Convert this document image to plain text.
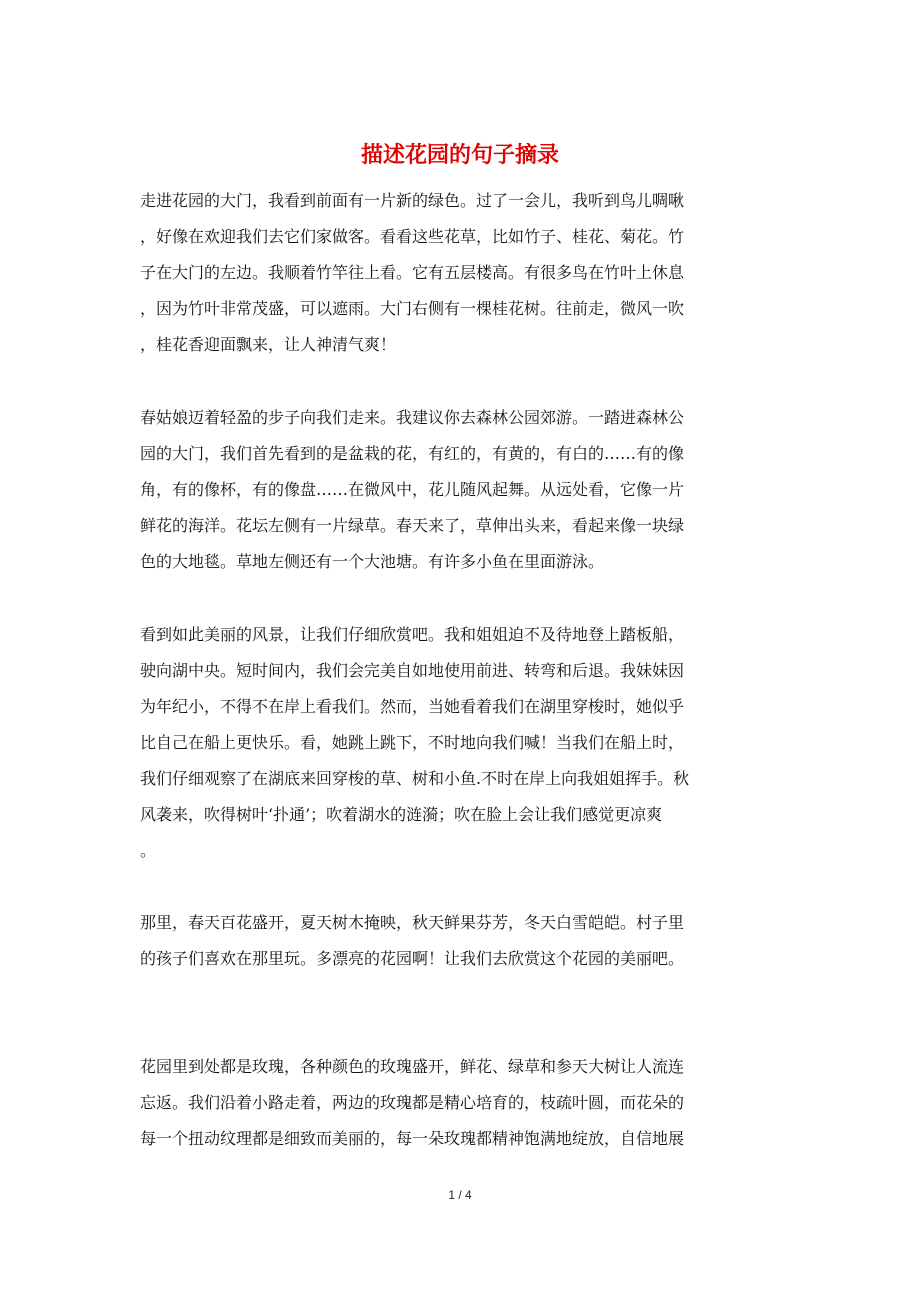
描述花园的句子摘录
走进花园的大门，我看到前面有一片新的绿色。过了一会儿，我听到鸟儿啁啾
，好像在欢迎我们去它们家做客。看看这些花草，比如竹子、桂花、菊花。竹
子在大门的左边。我顺着竹竿往上看。它有五层楼高。有很多鸟在竹叶上休息
，因为竹叶非常茂盛，可以遮雨。大门右侧有一棵桂花树。往前走，微风一吹
，桂花香迎面飘来，让人神清气爽！
春姑娘迈着轻盈的步子向我们走来。我建议你去森林公园郊游。一踏进森林公
园的大门，我们首先看到的是盆栽的花，有红的，有黄的，有白的……有的像
角，有的像杯，有的像盘……在微风中，花儿随风起舞。从远处看，它像一片
鲜花的海洋。花坛左侧有一片绿草。春天来了，草伸出头来，看起来像一块绿
色的大地毯。草地左侧还有一个大池塘。有许多小鱼在里面游泳。
看到如此美丽的风景，让我们仔细欣赏吧。我和姐姐迫不及待地登上踏板船，
驶向湖中央。短时间内，我们会完美自如地使用前进、转弯和后退。我妹妹因
为年纪小，不得不在岸上看我们。然而，当她看着我们在湖里穿梭时，她似乎
比自己在船上更快乐。看，她跳上跳下，不时地向我们喊！当我们在船上时，
我们仔细观察了在湖底来回穿梭的草、树和小鱼.不时在岸上向我姐姐挥手。秋
风袭来，吹得树叶‘扑通’；吹着湖水的涟漪；吹在脸上会让我们感觉更凉爽
。
那里，春天百花盛开，夏天树木掩映，秋天鲜果芬芳，冬天白雪皑皑。村子里
的孩子们喜欢在那里玩。多漂亮的花园啊！让我们去欣赏这个花园的美丽吧。
花园里到处都是玫瑰，各种颜色的玫瑰盛开，鲜花、绿草和参天大树让人流连
忘返。我们沿着小路走着，两边的玫瑰都是精心培育的，枝疏叶圆，而花朵的
每一个扭动纹理都是细致而美丽的，每一朵玫瑰都精神饱满地绽放，自信地展
1 / 4
